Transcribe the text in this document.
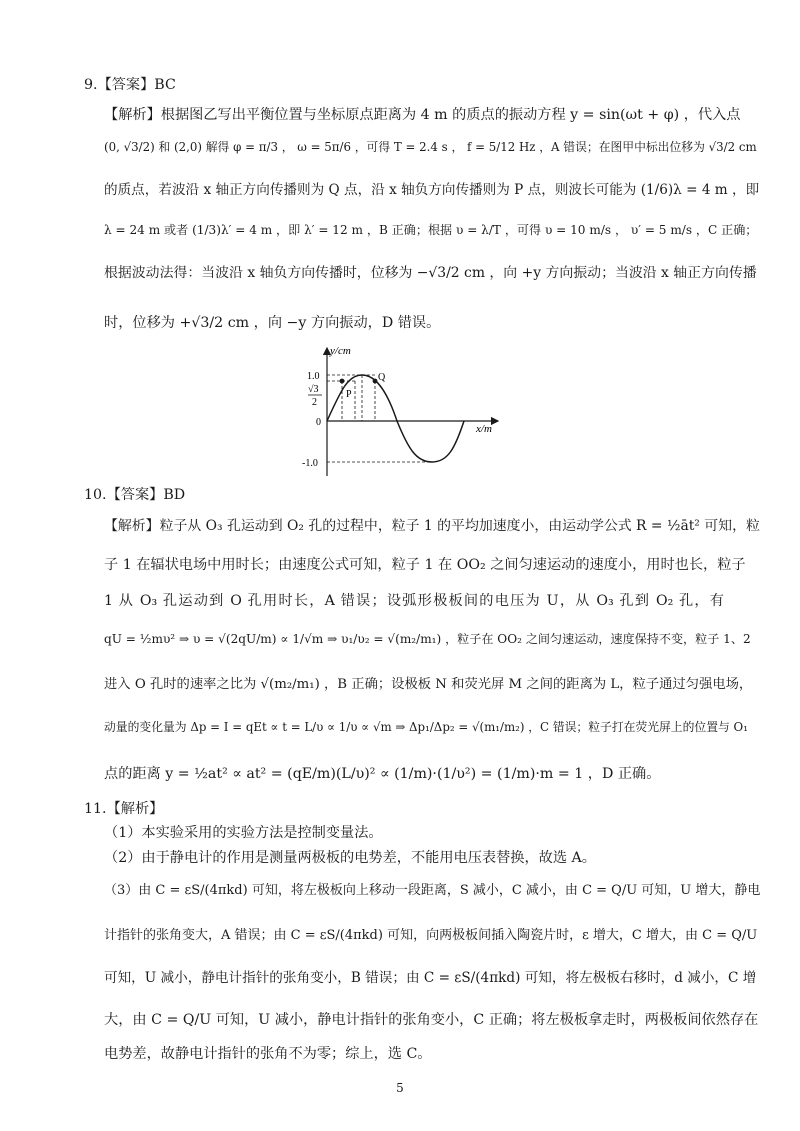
9.【答案】BC
【解析】根据图乙写出平衡位置与坐标原点距离为 4 m 的质点的振动方程 y = sin(ωt + φ) ，代入点
(0, √3/2) 和 (2,0) 解得 φ = π/3 ， ω = 5π/6 ，可得 T = 2.4 s ， f = 5/12 Hz ，A 错误；在图甲中标出位移为 √3/2 cm
的质点，若波沿 x 轴正方向传播则为 Q 点，沿 x 轴负方向传播则为 P 点，则波长可能为 (1/6)λ = 4 m ，即
λ = 24 m 或者 (1/3)λ′ = 4 m ，即 λ′ = 12 m ，B 正确；根据 υ = λ/T ，可得 υ = 10 m/s ， υ′ = 5 m/s ，C 正确；
根据波动法得：当波沿 x 轴负方向传播时，位移为 −√3/2 cm ，向 +y 方向振动；当波沿 x 轴正方向传播
时，位移为 +√3/2 cm ，向 −y 方向振动，D 错误。
y/cm
x/m
1.0
√3
2
0
-1.0
P
Q
10.【答案】BD
【解析】粒子从 O₃ 孔运动到 O₂ 孔的过程中，粒子 1 的平均加速度小，由运动学公式 R = ½āt² 可知，粒
子 1 在辐状电场中用时长；由速度公式可知，粒子 1 在 OO₂ 之间匀速运动的速度小，用时也长，粒子
1 从 O₃ 孔运动到 O 孔用时长，A 错误；设弧形极板间的电压为 U，从 O₃ 孔到 O₂ 孔，有
qU = ½mυ² ⇒ υ = √(2qU/m) ∝ 1/√m ⇒ υ₁/υ₂ = √(m₂/m₁) ，粒子在 OO₂ 之间匀速运动，速度保持不变，粒子 1、2
进入 O 孔时的速率之比为 √(m₂/m₁) ，B 正确；设极板 N 和荧光屏 M 之间的距离为 L，粒子通过匀强电场，
动量的变化量为 Δp = I = qEt ∝ t = L/υ ∝ 1/υ ∝ √m ⇒ Δp₁/Δp₂ = √(m₁/m₂) ，C 错误；粒子打在荧光屏上的位置与 O₁
点的距离 y = ½at² ∝ at² = (qE/m)(L/υ)² ∝ (1/m)·(1/υ²) = (1/m)·m = 1 ，D 正确。
11.【解析】
（1）本实验采用的实验方法是控制变量法。
（2）由于静电计的作用是测量两极板的电势差，不能用电压表替换，故选 A。
（3）由 C = εS/(4πkd) 可知，将左极板向上移动一段距离，S 减小，C 减小，由 C = Q/U 可知，U 增大，静电
计指针的张角变大，A 错误；由 C = εS/(4πkd) 可知，向两极板间插入陶瓷片时，ε 增大，C 增大，由 C = Q/U
可知，U 减小，静电计指针的张角变小，B 错误；由 C = εS/(4πkd) 可知，将左极板右移时，d 减小，C 增
大，由 C = Q/U 可知，U 减小，静电计指针的张角变小，C 正确；将左极板拿走时，两极板间依然存在
电势差，故静电计指针的张角不为零；综上，选 C。
5
